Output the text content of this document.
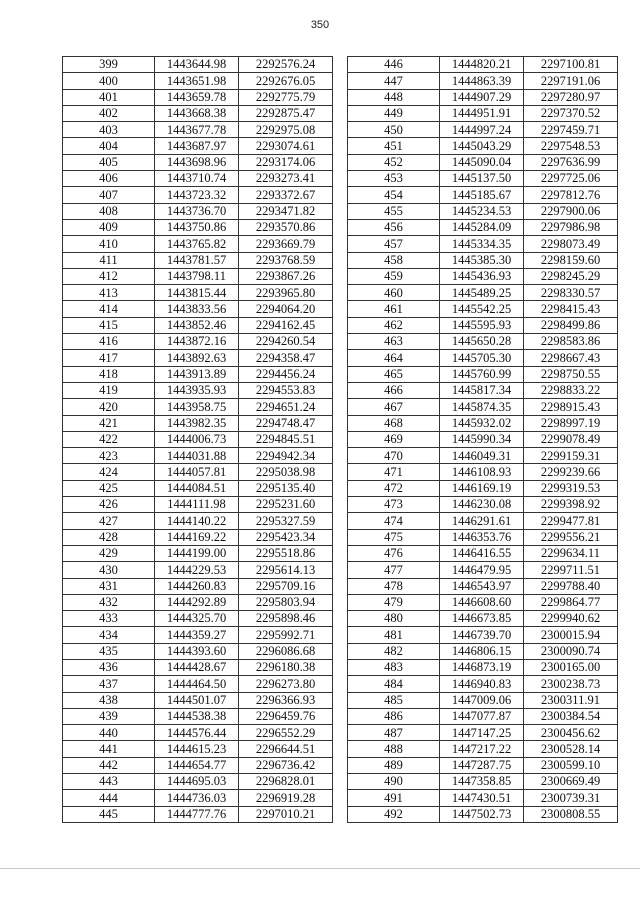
350
399	1443644.98	2292576.24
400	1443651.98	2292676.05
401	1443659.78	2292775.79
402	1443668.38	2292875.47
403	1443677.78	2292975.08
404	1443687.97	2293074.61
405	1443698.96	2293174.06
406	1443710.74	2293273.41
407	1443723.32	2293372.67
408	1443736.70	2293471.82
409	1443750.86	2293570.86
410	1443765.82	2293669.79
411	1443781.57	2293768.59
412	1443798.11	2293867.26
413	1443815.44	2293965.80
414	1443833.56	2294064.20
415	1443852.46	2294162.45
416	1443872.16	2294260.54
417	1443892.63	2294358.47
418	1443913.89	2294456.24
419	1443935.93	2294553.83
420	1443958.75	2294651.24
421	1443982.35	2294748.47
422	1444006.73	2294845.51
423	1444031.88	2294942.34
424	1444057.81	2295038.98
425	1444084.51	2295135.40
426	1444111.98	2295231.60
427	1444140.22	2295327.59
428	1444169.22	2295423.34
429	1444199.00	2295518.86
430	1444229.53	2295614.13
431	1444260.83	2295709.16
432	1444292.89	2295803.94
433	1444325.70	2295898.46
434	1444359.27	2295992.71
435	1444393.60	2296086.68
436	1444428.67	2296180.38
437	1444464.50	2296273.80
438	1444501.07	2296366.93
439	1444538.38	2296459.76
440	1444576.44	2296552.29
441	1444615.23	2296644.51
442	1444654.77	2296736.42
443	1444695.03	2296828.01
444	1444736.03	2296919.28
445	1444777.76	2297010.21
446	1444820.21	2297100.81
447	1444863.39	2297191.06
448	1444907.29	2297280.97
449	1444951.91	2297370.52
450	1444997.24	2297459.71
451	1445043.29	2297548.53
452	1445090.04	2297636.99
453	1445137.50	2297725.06
454	1445185.67	2297812.76
455	1445234.53	2297900.06
456	1445284.09	2297986.98
457	1445334.35	2298073.49
458	1445385.30	2298159.60
459	1445436.93	2298245.29
460	1445489.25	2298330.57
461	1445542.25	2298415.43
462	1445595.93	2298499.86
463	1445650.28	2298583.86
464	1445705.30	2298667.43
465	1445760.99	2298750.55
466	1445817.34	2298833.22
467	1445874.35	2298915.43
468	1445932.02	2298997.19
469	1445990.34	2299078.49
470	1446049.31	2299159.31
471	1446108.93	2299239.66
472	1446169.19	2299319.53
473	1446230.08	2299398.92
474	1446291.61	2299477.81
475	1446353.76	2299556.21
476	1446416.55	2299634.11
477	1446479.95	2299711.51
478	1446543.97	2299788.40
479	1446608.60	2299864.77
480	1446673.85	2299940.62
481	1446739.70	2300015.94
482	1446806.15	2300090.74
483	1446873.19	2300165.00
484	1446940.83	2300238.73
485	1447009.06	2300311.91
486	1447077.87	2300384.54
487	1447147.25	2300456.62
488	1447217.22	2300528.14
489	1447287.75	2300599.10
490	1447358.85	2300669.49
491	1447430.51	2300739.31
492	1447502.73	2300808.55
